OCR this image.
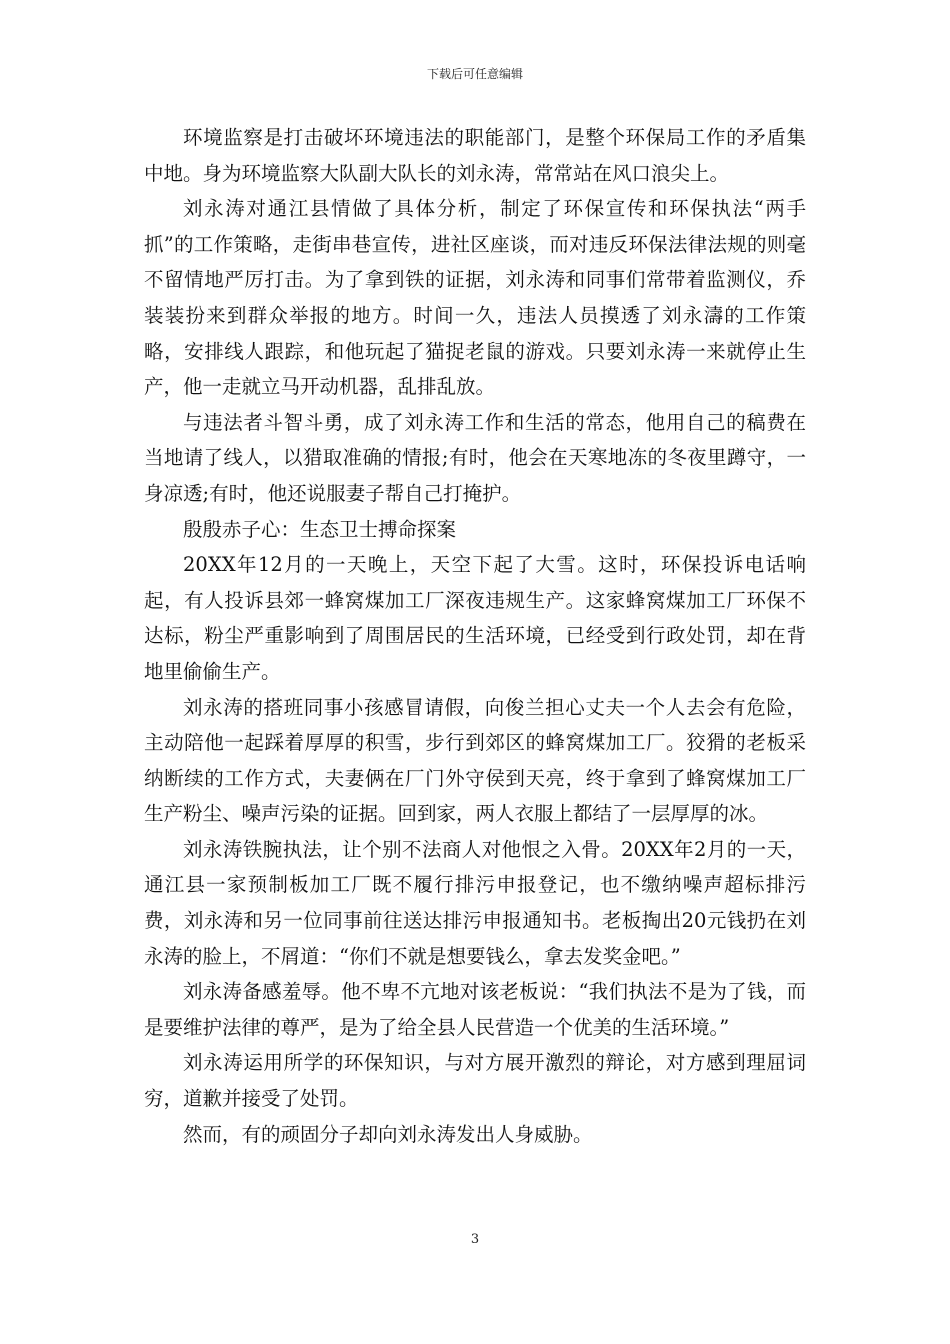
下载后可任意编辑

环境监察是打击破坏环境违法的职能部门，是整个环保局工作的矛盾集中地。身为环境监察大队副大队长的刘永涛，常常站在风口浪尖上。

刘永涛对通江县情做了具体分析，制定了环保宣传和环保执法“两手抓”的工作策略，走街串巷宣传，进社区座谈，而对违反环保法律法规的则毫不留情地严厉打击。为了拿到铁的证据，刘永涛和同事们常带着监测仪，乔装装扮来到群众举报的地方。时间一久，违法人员摸透了刘永濤的工作策略，安排线人跟踪，和他玩起了猫捉老鼠的游戏。只要刘永涛一来就停止生产，他一走就立马开动机器，乱排乱放。

与违法者斗智斗勇，成了刘永涛工作和生活的常态，他用自己的稿费在当地请了线人，以猎取准确的情报;有时，他会在天寒地冻的冬夜里蹲守，一身凉透;有时，他还说服妻子帮自己打掩护。

殷殷赤子心：生态卫士搏命探案

20XX年12月的一天晚上，天空下起了大雪。这时，环保投诉电话响起，有人投诉县郊一蜂窝煤加工厂深夜违规生产。这家蜂窝煤加工厂环保不达标，粉尘严重影响到了周围居民的生活环境，已经受到行政处罚，却在背地里偷偷生产。

刘永涛的搭班同事小孩感冒请假，向俊兰担心丈夫一个人去会有危险，主动陪他一起踩着厚厚的积雪，步行到郊区的蜂窝煤加工厂。狡猾的老板采纳断续的工作方式，夫妻俩在厂门外守侯到天亮，终于拿到了蜂窝煤加工厂生产粉尘、噪声污染的证据。回到家，两人衣服上都结了一层厚厚的冰。

刘永涛铁腕执法，让个别不法商人对他恨之入骨。20XX年2月的一天，通江县一家预制板加工厂既不履行排污申报登记，也不缴纳噪声超标排污费，刘永涛和另一位同事前往送达排污申报通知书。老板掏出20元钱扔在刘永涛的脸上，不屑道：“你们不就是想要钱么，拿去发奖金吧。”

刘永涛备感羞辱。他不卑不亢地对该老板说：“我们执法不是为了钱，而是要维护法律的尊严，是为了给全县人民营造一个优美的生活环境。”

刘永涛运用所学的环保知识，与对方展开激烈的辩论，对方感到理屈词穷，道歉并接受了处罚。

然而，有的顽固分子却向刘永涛发出人身威胁。

3
